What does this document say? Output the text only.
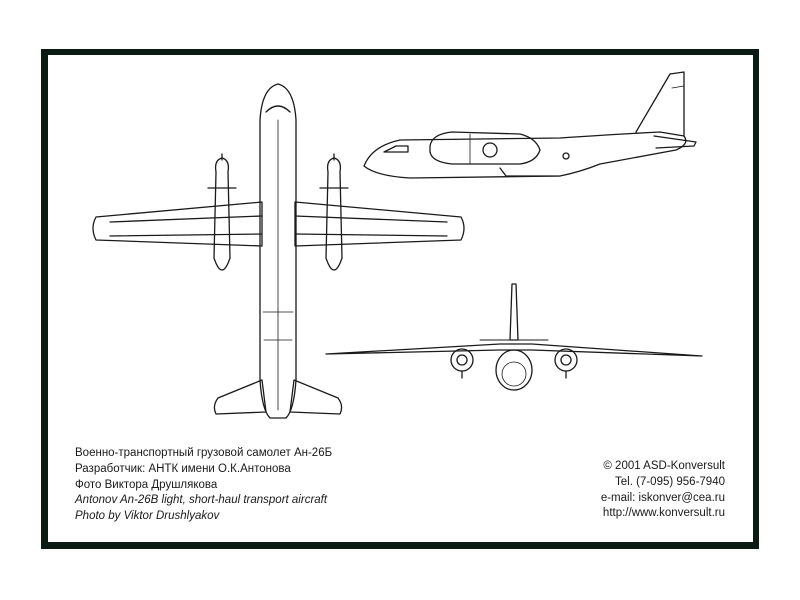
Военно-транспортный грузовой самолет Ан-26Б
Разработчик: АНТК имени О.К.Антонова
Фото Виктора Друшлякова
Antonov An-26B light, short-haul transport aircraft
Photo by Viktor Drushlyakov
© 2001 ASD-Konversult
Tel. (7-095) 956-7940
e-mail: iskonver@cea.ru
http://www.konversult.ru
